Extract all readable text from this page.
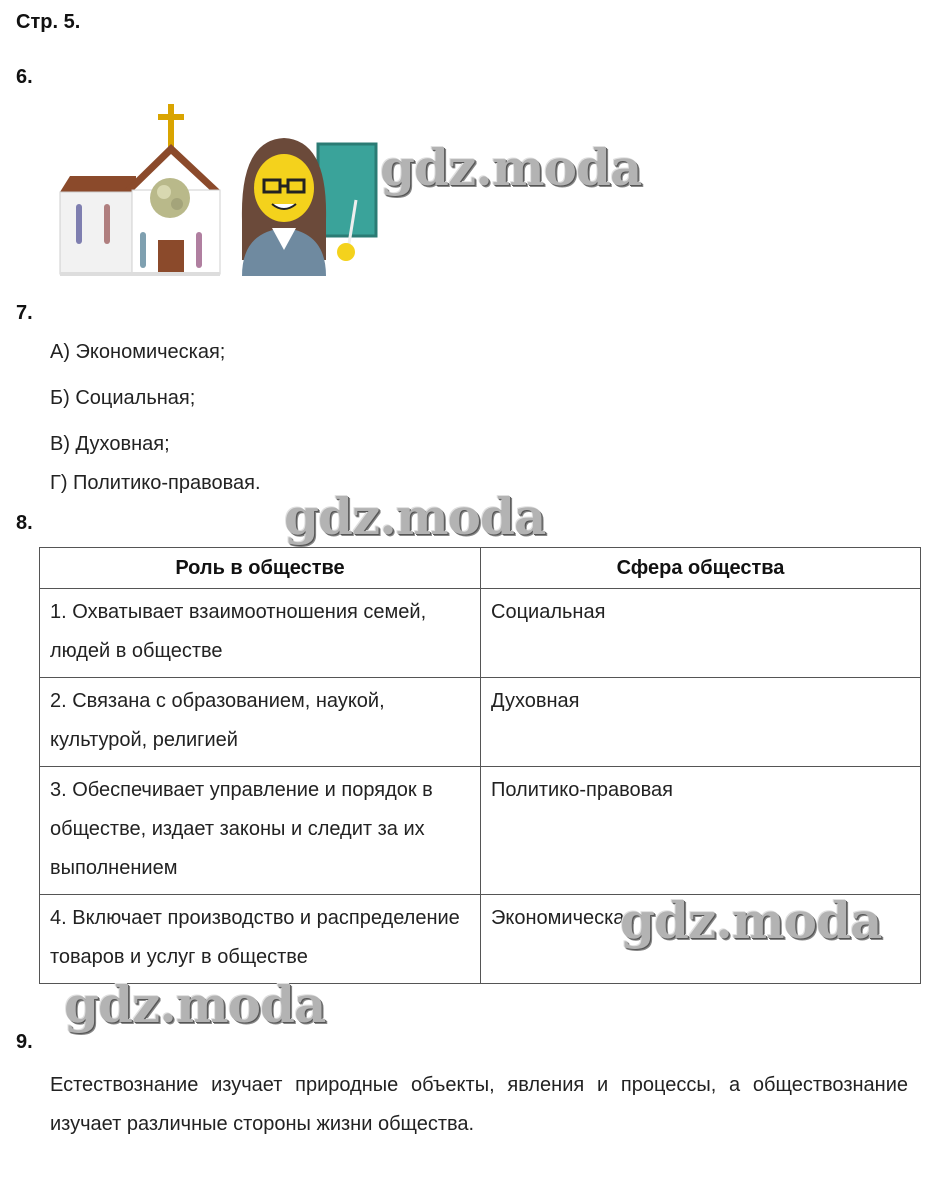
Стр. 5.
6.
gdz.moda
7.
А) Экономическая;
Б) Социальная;
В) Духовная;
Г) Политико-правовая.
8.	gdz.moda
Роль в обществе	Сфера общества
1. Охватывает взаимоотношения семей, людей в обществе	Социальная
2. Связана с образованием, наукой, культурой, религией	Духовная
3. Обеспечивает управление и порядок в обществе, издает законы и следит за их выполнением	Политико-правовая
4. Включает производство и распределение товаров и услуг в обществе	Экономическая
gdz.moda
gdz.moda
9.
Естествознание изучает природные объекты, явления и процессы, а обществознание изучает различные стороны жизни общества.
